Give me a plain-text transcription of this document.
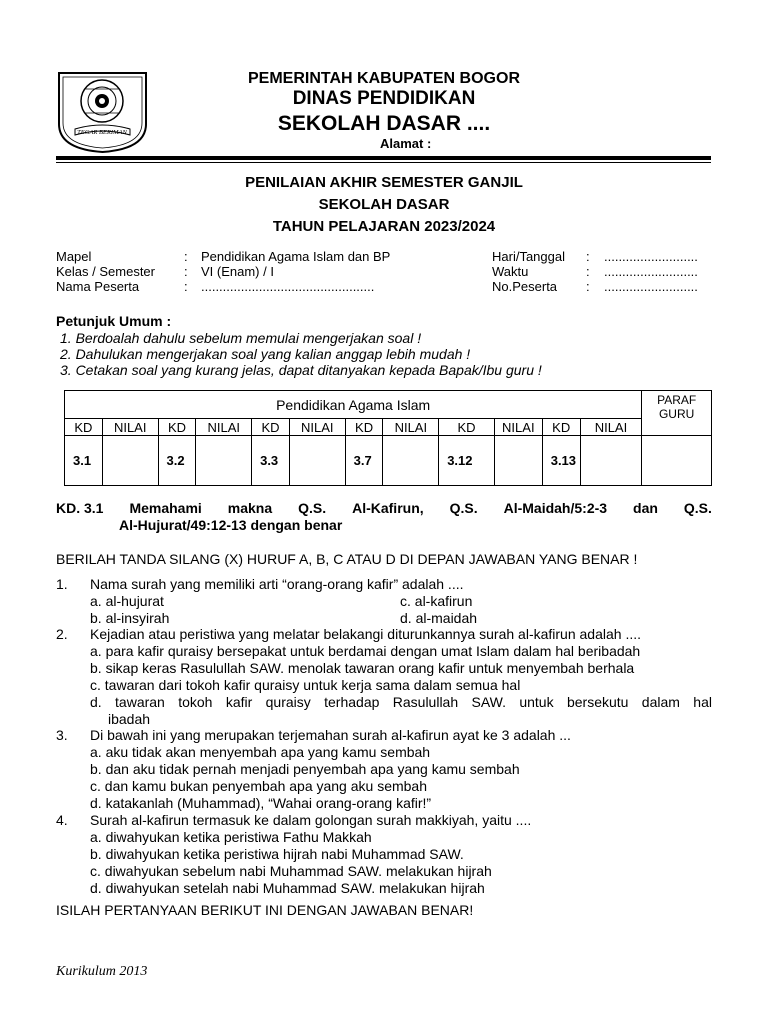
TEGAR BERIMAN
PEMERINTAH KABUPATEN BOGOR
DINAS PENDIDIKAN
SEKOLAH DASAR ....
Alamat :
PENILAIAN AKHIR SEMESTER GANJIL
SEKOLAH DASAR
TAHUN PELAJARAN 2023/2024
Mapel	: Pendidikan Agama Islam dan BP
Kelas / Semester : VI (Enam) / I
Nama Peserta	: ................................................
Hari/Tanggal : ..........................
Waktu	: ..........................
No.Peserta : ..........................
Petunjuk Umum :
1. Berdoalah dahulu sebelum memulai mengerjakan soal !
2. Dahulukan mengerjakan soal yang kalian anggap lebih mudah !
3. Cetakan soal yang kurang jelas, dapat ditanyakan kepada Bapak/Ibu guru !
Pendidikan Agama Islam												PARAF GURU
KD	NILAI	KD	NILAI	KD	NILAI	KD	NILAI	KD	NILAI	KD	NILAI	
3.1		3.2		3.3		3.7		3.12		3.13		
KD. 3.1 Memahami makna Q.S. Al-Kafirun, Q.S. Al-Maidah/5:2-3 dan Q.S.
Al-Hujurat/49:12-13 dengan benar
BERILAH TANDA SILANG (X) HURUF A, B, C ATAU D DI DEPAN JAWABAN YANG BENAR !
1. Nama surah yang memiliki arti “orang-orang kafir” adalah ....
a. al-hujurat
b. al-insyirah
c. al-kafirun
d. al-maidah
2. Kejadian atau peristiwa yang melatar belakangi diturunkannya surah al-kafirun adalah ....
a. para kafir quraisy bersepakat untuk berdamai dengan umat Islam dalam hal beribadah
b. sikap keras Rasulullah SAW. menolak tawaran orang kafir untuk menyembah berhala
c. tawaran dari tokoh kafir quraisy untuk kerja sama dalam semua hal
d. tawaran tokoh kafir quraisy terhadap Rasulullah SAW. untuk bersekutu dalam hal
ibadah
3. Di bawah ini yang merupakan terjemahan surah al-kafirun ayat ke 3 adalah ...
a. aku tidak akan menyembah apa yang kamu sembah
b. dan aku tidak pernah menjadi penyembah apa yang kamu sembah
c. dan kamu bukan penyembah apa yang aku sembah
d. katakanlah (Muhammad), “Wahai orang-orang kafir!”
4. Surah al-kafirun termasuk ke dalam golongan surah makkiyah, yaitu ....
a. diwahyukan ketika peristiwa Fathu Makkah
b. diwahyukan ketika peristiwa hijrah nabi Muhammad SAW.
c. diwahyukan sebelum nabi Muhammad SAW. melakukan hijrah
d. diwahyukan setelah nabi Muhammad SAW. melakukan hijrah
ISILAH PERTANYAAN BERIKUT INI DENGAN JAWABAN BENAR!
Kurikulum 2013
